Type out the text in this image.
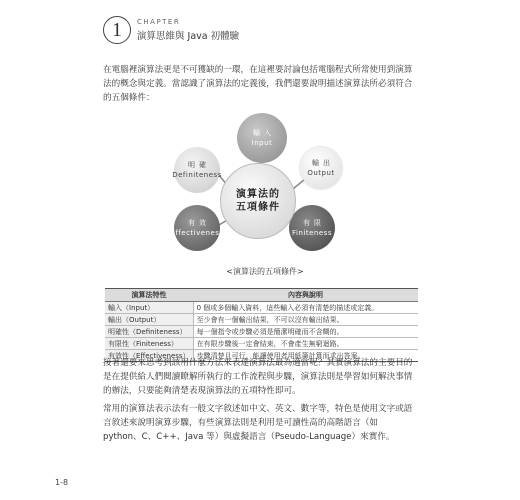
1	CHAPTER
演算思維與 Java 初體驗

在電腦裡演算法更是不可獲缺的一環，在這裡要討論包括電腦程式所常使用到演算法的概念與定義。當認識了演算法的定義後，我們還要說明描述演算法所必須符合的五個條件：

輸入
Input
輸出
Output
明確
Definiteness
有效
Effectiveness
有限
Finiteness
演算法的
五項條件
<演算法的五項條件>
演算法特性	內容與說明
輸入（Input）	0 個或多個輸入資料，這些輸入必須有清楚的描述或定義。
輸出（Output）	至少會有一個輸出結果，不可以沒有輸出結果。
明確性（Definiteness）	每一個指令或步驟必須是簡潔明確而不含糊的。
有限性（Finiteness）	在有限步驟後一定會結束，不會產生無窮迴路。
有效性（Effectiveness）	步驟清楚且可行，能讓使用者用紙筆計算而求出答案。

接著還要來思考到該用什麼方法來表達演算法最為適當呢？其實演算法的主要目的是在提供給人們閱讀瞭解所執行的工作流程與步驟，演算法則是學習如何解決事情的辦法，只要能夠清楚表現演算法的五項特性即可。

常用的演算法表示法有一般文字敘述如中文、英文、數字等，特色是使用文字或語言敘述來說明演算步驟，有些演算法則是利用是可讀性高的高階語言（如 python、C、C++、Java 等）與虛擬語言（Pseudo-Language）來實作。

1-8
